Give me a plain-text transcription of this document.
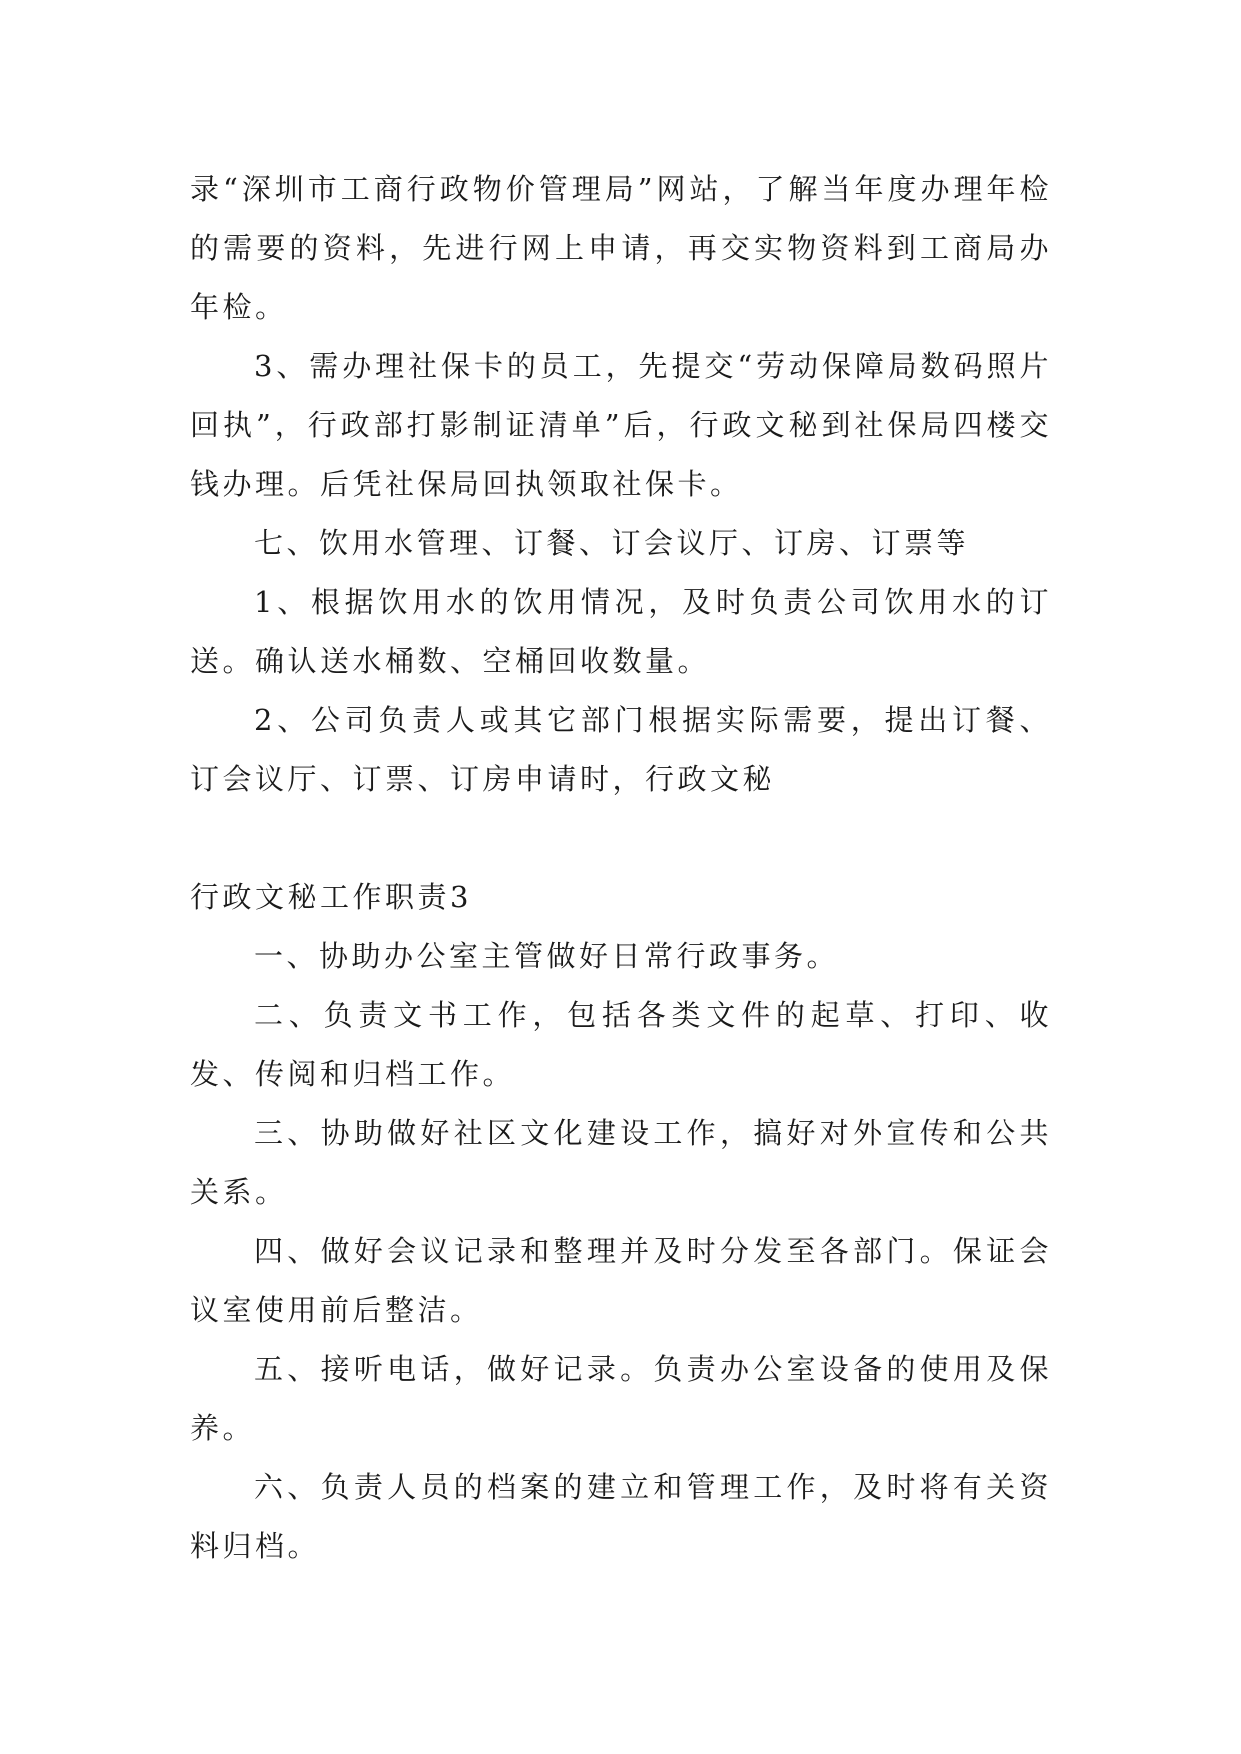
录“深圳市工商行政物价管理局”网站，了解当年度办理年检的需要的资料，先进行网上申请，再交实物资料到工商局办年检。

3、需办理社保卡的员工，先提交“劳动保障局数码照片回执”，行政部打影制证清单”后，行政文秘到社保局四楼交钱办理。后凭社保局回执领取社保卡。

七、饮用水管理、订餐、订会议厅、订房、订票等

1、根据饮用水的饮用情况，及时负责公司饮用水的订送。确认送水桶数、空桶回收数量。

2、公司负责人或其它部门根据实际需要，提出订餐、订会议厅、订票、订房申请时，行政文秘

行政文秘工作职责3

一、协助办公室主管做好日常行政事务。

二、负责文书工作，包括各类文件的起草、打印、收发、传阅和归档工作。

三、协助做好社区文化建设工作，搞好对外宣传和公共关系。

四、做好会议记录和整理并及时分发至各部门。保证会议室使用前后整洁。

五、接听电话，做好记录。负责办公室设备的使用及保养。

六、负责人员的档案的建立和管理工作，及时将有关资料归档。
